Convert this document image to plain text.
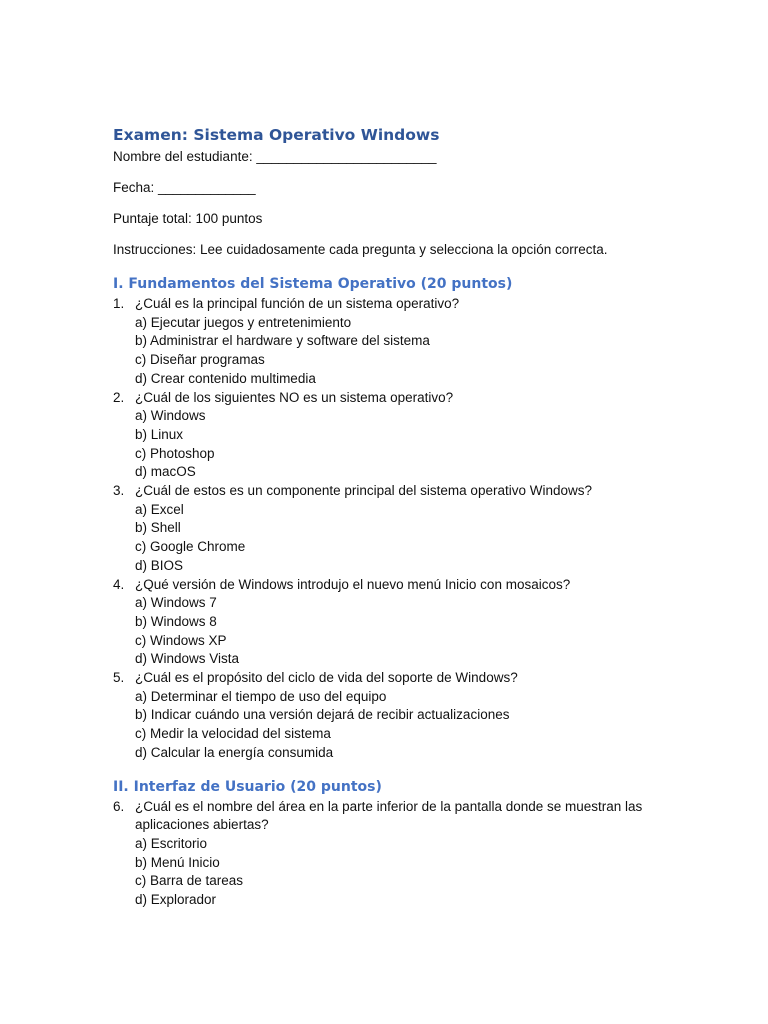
Examen: Sistema Operativo Windows

Nombre del estudiante: ________________________

Fecha: _____________

Puntaje total: 100 puntos

Instrucciones: Lee cuidadosamente cada pregunta y selecciona la opción correcta.

I. Fundamentos del Sistema Operativo (20 puntos)
1. ¿Cuál es la principal función de un sistema operativo?
a) Ejecutar juegos y entretenimiento
b) Administrar el hardware y software del sistema
c) Diseñar programas
d) Crear contenido multimedia
2. ¿Cuál de los siguientes NO es un sistema operativo?
a) Windows
b) Linux
c) Photoshop
d) macOS
3. ¿Cuál de estos es un componente principal del sistema operativo Windows?
a) Excel
b) Shell
c) Google Chrome
d) BIOS
4. ¿Qué versión de Windows introdujo el nuevo menú Inicio con mosaicos?
a) Windows 7
b) Windows 8
c) Windows XP
d) Windows Vista
5. ¿Cuál es el propósito del ciclo de vida del soporte de Windows?
a) Determinar el tiempo de uso del equipo
b) Indicar cuándo una versión dejará de recibir actualizaciones
c) Medir la velocidad del sistema
d) Calcular la energía consumida
II. Interfaz de Usuario (20 puntos)
6. ¿Cuál es el nombre del área en la parte inferior de la pantalla donde se muestran las aplicaciones abiertas?
a) Escritorio
b) Menú Inicio
c) Barra de tareas
d) Explorador
